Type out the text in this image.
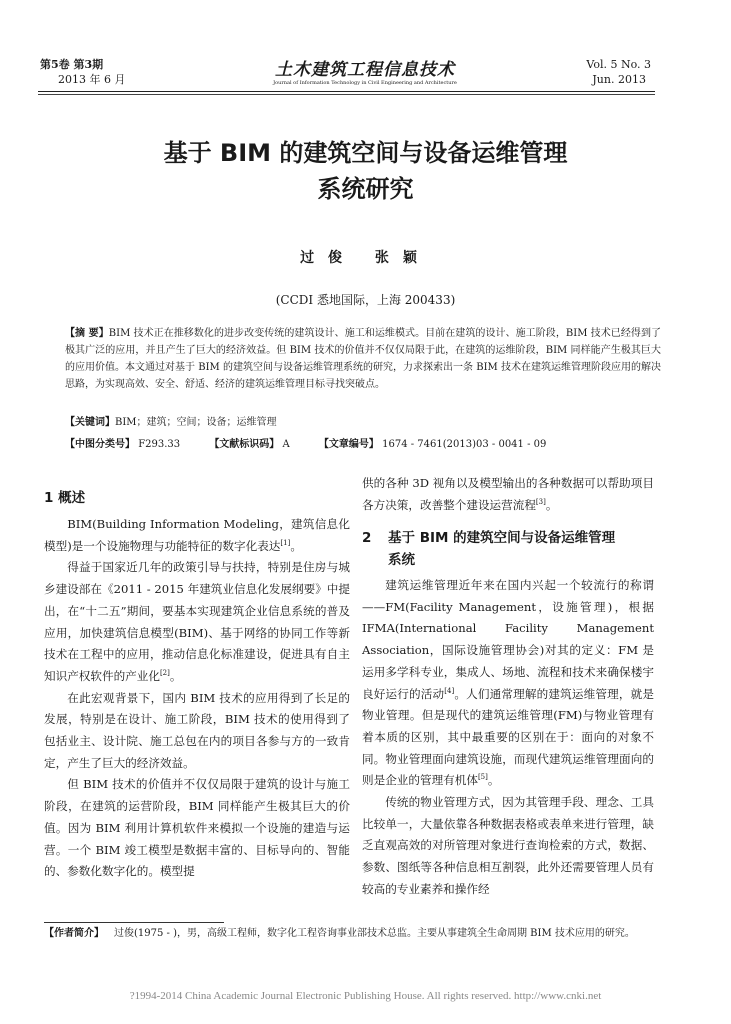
第5卷 第3期
2013 年 6 月	土木建筑工程信息技术
Journal of Information Technology in Civil Engineering and Architecture
Vol. 5 No. 3
Jun. 2013
基于 BIM 的建筑空间与设备运维管理
系统研究
过俊 张颖
(CCDI 悉地国际，上海 200433)
【摘 要】BIM 技术正在推移数化的进步改变传统的建筑设计、施工和运维模式。目前在建筑的设计、施工阶段，BIM 技术已经得到了极其广泛的应用，并且产生了巨大的经济效益。但 BIM 技术的价值并不仅仅局限于此，在建筑的运维阶段，BIM 同样能产生极其巨大的应用价值。本文通过对基于 BIM 的建筑空间与设备运维管理系统的研究，力求探索出一条 BIM 技术在建筑运维管理阶段应用的解决思路，为实现高效、安全、舒适、经济的建筑运维管理目标寻找突破点。
【关键词】BIM；建筑；空间；设备；运维管理
【中图分类号】 F293.33	【文献标识码】 A	【文章编号】 1674 - 7461(2013)03 - 0041 - 09
1 概述

BIM(Building Information Modeling，建筑信息化模型)是一个设施物理与功能特征的数字化表达[1]。

得益于国家近几年的政策引导与扶持，特别是住房与城乡建设部在《2011 - 2015 年建筑业信息化发展纲要》中提出，在“十二五”期间，要基本实现建筑企业信息系统的普及应用，加快建筑信息模型(BIM)、基于网络的协同工作等新技术在工程中的应用，推动信息化标准建设，促进具有自主知识产权软件的产业化[2]。

在此宏观背景下，国内 BIM 技术的应用得到了长足的发展，特别是在设计、施工阶段，BIM 技术的使用得到了包括业主、设计院、施工总包在内的项目各参与方的一致肯定，产生了巨大的经济效益。

但 BIM 技术的价值并不仅仅局限于建筑的设计与施工阶段，在建筑的运营阶段，BIM 同样能产生极其巨大的价值。因为 BIM 利用计算机软件来模拟一个设施的建造与运营。一个 BIM 竣工模型是数据丰富的、目标导向的、智能的、参数化数字化的。模型提

供的各种 3D 视角以及模型输出的各种数据可以帮助项目各方决策，改善整个建设运营流程[3]。

2 基于 BIM 的建筑空间与设备运维管理
系统

建筑运维管理近年来在国内兴起一个较流行的称谓——FM(Facility Management，设施管理)，根据 IFMA(International Facility Management Association，国际设施管理协会)对其的定义：FM 是运用多学科专业，集成人、场地、流程和技术来确保楼宇良好运行的活动[4]。人们通常理解的建筑运维管理，就是物业管理。但是现代的建筑运维管理(FM)与物业管理有着本质的区别，其中最重要的区别在于：面向的对象不同。物业管理面向建筑设施，而现代建筑运维管理面向的则是企业的管理有机体[5]。

传统的物业管理方式，因为其管理手段、理念、工具比较单一，大量依靠各种数据表格或表单来进行管理，缺乏直观高效的对所管理对象进行查询检索的方式，数据、参数、图纸等各种信息相互割裂，此外还需要管理人员有较高的专业素养和操作经

【作者简介】 过俊(1975 - )，男，高级工程师，数字化工程咨询事业部技术总监。主要从事建筑全生命周期 BIM 技术应用的研究。
?1994-2014 China Academic Journal Electronic Publishing House. All rights reserved. http://www.cnki.net
